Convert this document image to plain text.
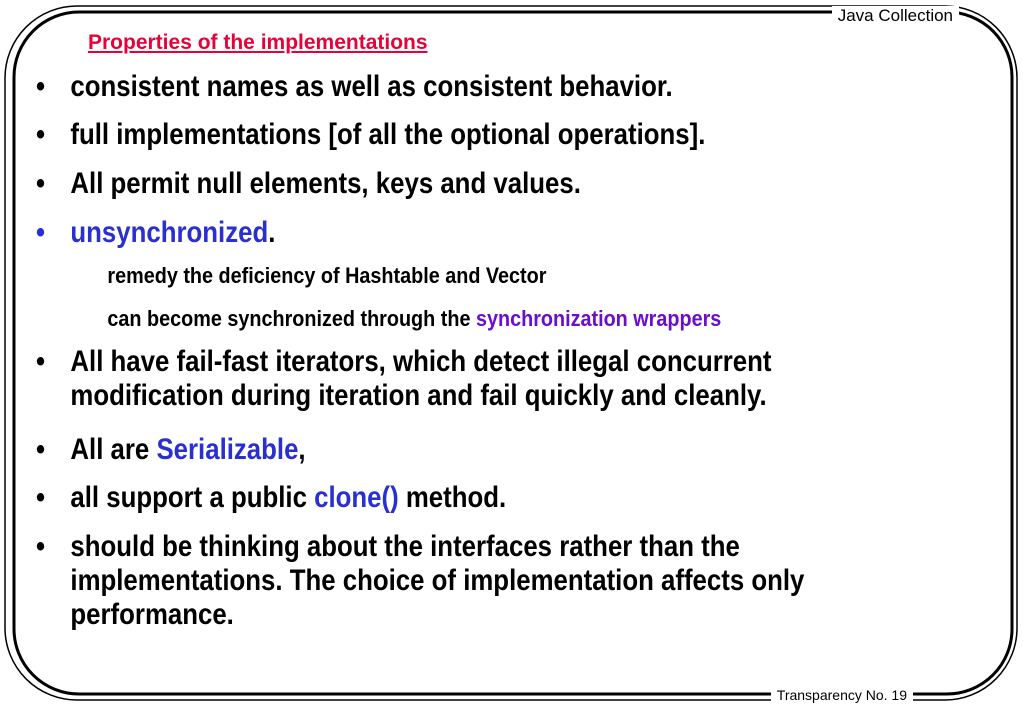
Java Collection
Transparency No. 19
Properties of the implementations
• consistent names as well as consistent behavior.
• full implementations [of all the optional operations].
• All permit null elements, keys and values.
• unsynchronized.
remedy the deficiency of Hashtable and Vector
can become synchronized through the synchronization wrappers
• All have fail-fast iterators, which detect illegal concurrent
modification during iteration and fail quickly and cleanly.
• All are Serializable,
• all support a public clone() method.
• should be thinking about the interfaces rather than the
implementations. The choice of implementation affects only
performance.
